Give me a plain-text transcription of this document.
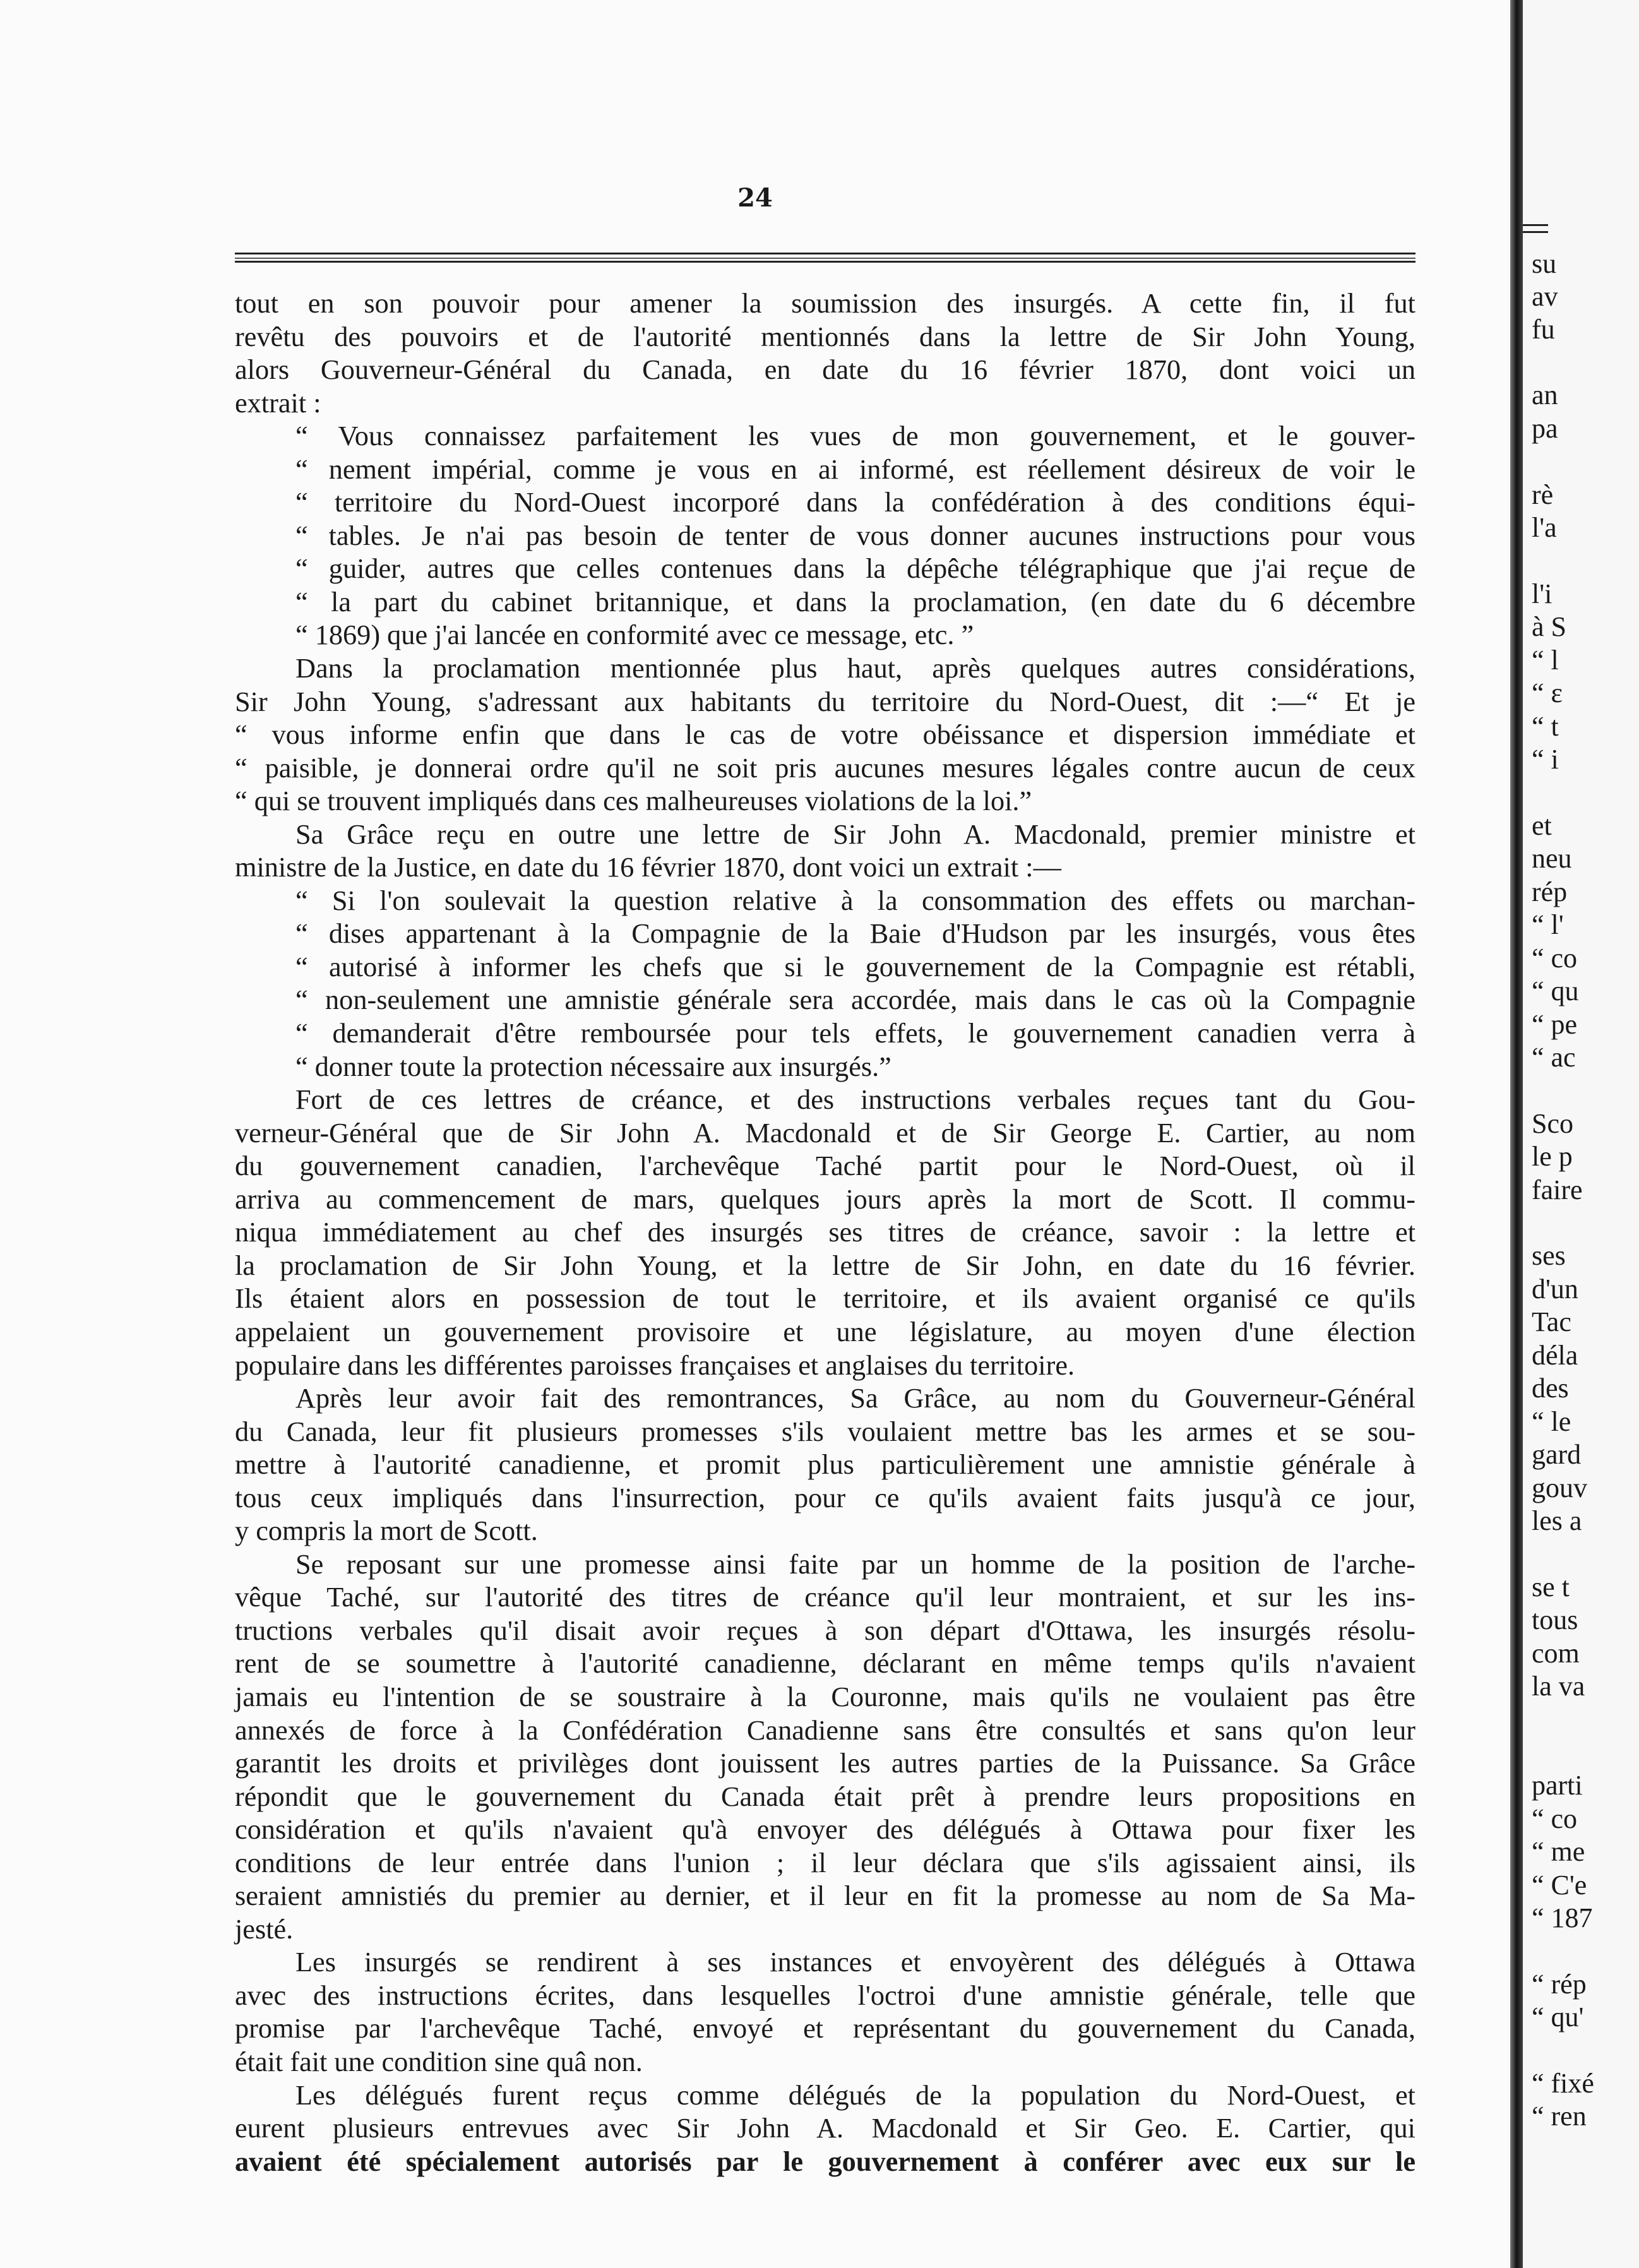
24
tout en son pouvoir pour amener la soumission des insurgés. A cette fin, il fut
revêtu des pouvoirs et de l'autorité mentionnés dans la lettre de Sir John Young,
alors Gouverneur-Général du Canada, en date du 16 février 1870, dont voici un
extrait :
“ Vous connaissez parfaitement les vues de mon gouvernement, et le gouver-
“ nement impérial, comme je vous en ai informé, est réellement désireux de voir le
“ territoire du Nord-Ouest incorporé dans la confédération à des conditions équi-
“ tables. Je n'ai pas besoin de tenter de vous donner aucunes instructions pour vous
“ guider, autres que celles contenues dans la dépêche télégraphique que j'ai reçue de
“ la part du cabinet britannique, et dans la proclamation, (en date du 6 décembre
“ 1869) que j'ai lancée en conformité avec ce message, etc. ”
Dans la proclamation mentionnée plus haut, après quelques autres considérations,
Sir John Young, s'adressant aux habitants du territoire du Nord-Ouest, dit :—“ Et je
“ vous informe enfin que dans le cas de votre obéissance et dispersion immédiate et
“ paisible, je donnerai ordre qu'il ne soit pris aucunes mesures légales contre aucun de ceux
“ qui se trouvent impliqués dans ces malheureuses violations de la loi.”
Sa Grâce reçu en outre une lettre de Sir John A. Macdonald, premier ministre et
ministre de la Justice, en date du 16 février 1870, dont voici un extrait :—
“ Si l'on soulevait la question relative à la consommation des effets ou marchan-
“ dises appartenant à la Compagnie de la Baie d'Hudson par les insurgés, vous êtes
“ autorisé à informer les chefs que si le gouvernement de la Compagnie est rétabli,
“ non-seulement une amnistie générale sera accordée, mais dans le cas où la Compagnie
“ demanderait d'être remboursée pour tels effets, le gouvernement canadien verra à
“ donner toute la protection nécessaire aux insurgés.”
Fort de ces lettres de créance, et des instructions verbales reçues tant du Gou-
verneur-Général que de Sir John A. Macdonald et de Sir George E. Cartier, au nom
du gouvernement canadien, l'archevêque Taché partit pour le Nord-Ouest, où il
arriva au commencement de mars, quelques jours après la mort de Scott. Il commu-
niqua immédiatement au chef des insurgés ses titres de créance, savoir : la lettre et
la proclamation de Sir John Young, et la lettre de Sir John, en date du 16 février.
Ils étaient alors en possession de tout le territoire, et ils avaient organisé ce qu'ils
appelaient un gouvernement provisoire et une législature, au moyen d'une élection
populaire dans les différentes paroisses françaises et anglaises du territoire.
Après leur avoir fait des remontrances, Sa Grâce, au nom du Gouverneur-Général
du Canada, leur fit plusieurs promesses s'ils voulaient mettre bas les armes et se sou-
mettre à l'autorité canadienne, et promit plus particulièrement une amnistie générale à
tous ceux impliqués dans l'insurrection, pour ce qu'ils avaient faits jusqu'à ce jour,
y compris la mort de Scott.
Se reposant sur une promesse ainsi faite par un homme de la position de l'arche-
vêque Taché, sur l'autorité des titres de créance qu'il leur montraient, et sur les ins-
tructions verbales qu'il disait avoir reçues à son départ d'Ottawa, les insurgés résolu-
rent de se soumettre à l'autorité canadienne, déclarant en même temps qu'ils n'avaient
jamais eu l'intention de se soustraire à la Couronne, mais qu'ils ne voulaient pas être
annexés de force à la Confédération Canadienne sans être consultés et sans qu'on leur
garantit les droits et privilèges dont jouissent les autres parties de la Puissance. Sa Grâce
répondit que le gouvernement du Canada était prêt à prendre leurs propositions en
considération et qu'ils n'avaient qu'à envoyer des délégués à Ottawa pour fixer les
conditions de leur entrée dans l'union ; il leur déclara que s'ils agissaient ainsi, ils
seraient amnistiés du premier au dernier, et il leur en fit la promesse au nom de Sa Ma-
jesté.
Les insurgés se rendirent à ses instances et envoyèrent des délégués à Ottawa
avec des instructions écrites, dans lesquelles l'octroi d'une amnistie générale, telle que
promise par l'archevêque Taché, envoyé et représentant du gouvernement du Canada,
était fait une condition sine quâ non.
Les délégués furent reçus comme délégués de la population du Nord-Ouest, et
eurent plusieurs entrevues avec Sir John A. Macdonald et Sir Geo. E. Cartier, qui
avaient été spécialement autorisés par le gouvernement à conférer avec eux sur le
su
av
fu
an
pa
rè
l'a
l'i
à S
“ l
“ ε
“ t
“ i
et
neu
rép
“ l'
“ co
“ qu
“ pe
“ ac
Sco
le p
faire
ses
d'un
Tac
déla
des
“ le
gard
gouv
les a
se t
tous
com
la va
parti
“ co
“ me
“ C'e
“ 187
“ rép
“ qu'
“ fixé
“ ren
